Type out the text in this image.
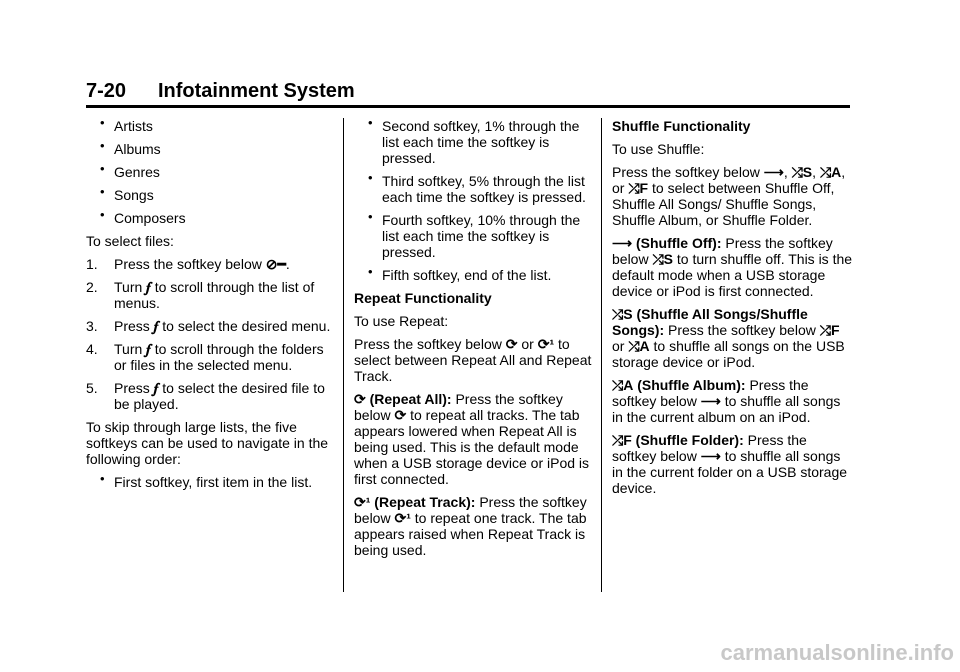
7-20 Infotainment System

• Artists

• Albums

• Genres

• Songs

• Composers

To select files:

1. Press the softkey below ⊘━.

2. Turn 𝆑 to scroll through the list of menus.

3. Press 𝆑 to select the desired menu.

4. Turn 𝆑 to scroll through the folders or files in the selected menu.

5. Press 𝆑 to select the desired file to be played.

To skip through large lists, the five softkeys can be used to navigate in the following order:

• First softkey, first item in the list.

• Second softkey, 1% through the list each time the softkey is pressed.

• Third softkey, 5% through the list each time the softkey is pressed.

• Fourth softkey, 10% through the list each time the softkey is pressed.

• Fifth softkey, end of the list.

Repeat Functionality

To use Repeat:

Press the softkey below ⟳ or ⟳¹ to select between Repeat All and Repeat Track.

⟳ (Repeat All): Press the softkey below ⟳ to repeat all tracks. The tab appears lowered when Repeat All is being used. This is the default mode when a USB storage device or iPod is first connected.

⟳¹ (Repeat Track): Press the softkey below ⟳¹ to repeat one track. The tab appears raised when Repeat Track is being used.

Shuffle Functionality

To use Shuffle:

Press the softkey below ⟶, ⤮S, ⤮A, or ⤮F to select between Shuffle Off, Shuffle All Songs/ Shuffle Songs, Shuffle Album, or Shuffle Folder.

⟶ (Shuffle Off): Press the softkey below ⤮S to turn shuffle off. This is the default mode when a USB storage device or iPod is first connected.

⤮S (Shuffle All Songs/Shuffle Songs): Press the softkey below ⤮F or ⤮A to shuffle all songs on the USB storage device or iPod.

⤮A (Shuffle Album): Press the softkey below ⟶ to shuffle all songs in the current album on an iPod.

⤮F (Shuffle Folder): Press the softkey below ⟶ to shuffle all songs in the current folder on a USB storage device.

carmanualsonline.info
